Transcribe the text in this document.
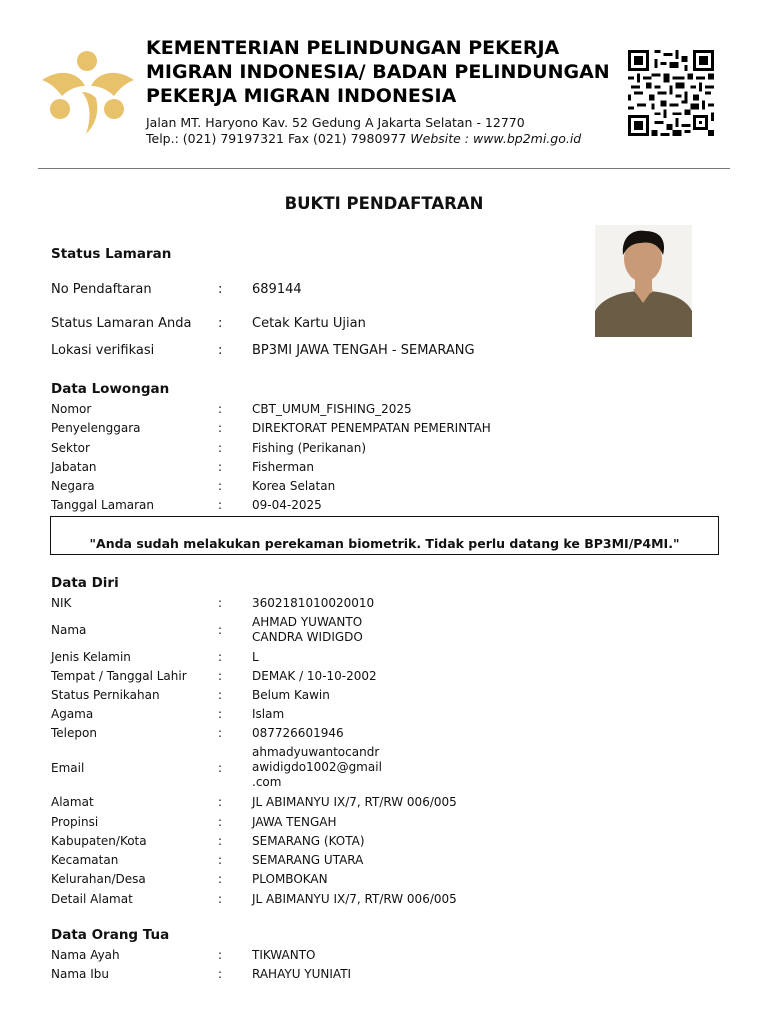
KEMENTERIAN PELINDUNGAN PEKERJA
MIGRAN INDONESIA/ BADAN PELINDUNGAN
PEKERJA MIGRAN INDONESIA
Jalan MT. Haryono Kav. 52 Gedung A Jakarta Selatan - 12770
Telp.: (021) 79197321 Fax (021) 7980977 Website : www.bp2mi.go.id
BUKTI PENDAFTARAN
Status Lamaran
No Pendaftaran	: 689144
Status Lamaran Anda : Cetak Kartu Ujian
Lokasi verifikasi	: BP3MI JAWA TENGAH - SEMARANG
Data Lowongan
Nomor	: CBT_UMUM_FISHING_2025
Penyelenggara	: DIREKTORAT PENEMPATAN PEMERINTAH
Sektor	: Fishing (Perikanan)
Jabatan	: Fisherman
Negara	: Korea Selatan
Tanggal Lamaran	: 09-04-2025
"Anda sudah melakukan perekaman biometrik. Tidak perlu datang ke BP3MI/P4MI."
Data Diri
NIK	: 3602181010020010
Nama	:
AHMAD YUWANTO
CANDRA WIDIGDO
Jenis Kelamin	: L
Tempat / Tanggal Lahir	: DEMAK / 10-10-2002
Status Pernikahan	: Belum Kawin
Agama	: Islam
Telepon	: 087726601946
Email	:
ahmadyuwantocandr
awidigdo1002@gmail
.com
Alamat	: JL ABIMANYU IX/7, RT/RW 006/005
Propinsi	: JAWA TENGAH
Kabupaten/Kota	: SEMARANG (KOTA)
Kecamatan	: SEMARANG UTARA
Kelurahan/Desa	: PLOMBOKAN
Detail Alamat	: JL ABIMANYU IX/7, RT/RW 006/005
Data Orang Tua
Nama Ayah	: TIKWANTO
Nama Ibu	: RAHAYU YUNIATI
